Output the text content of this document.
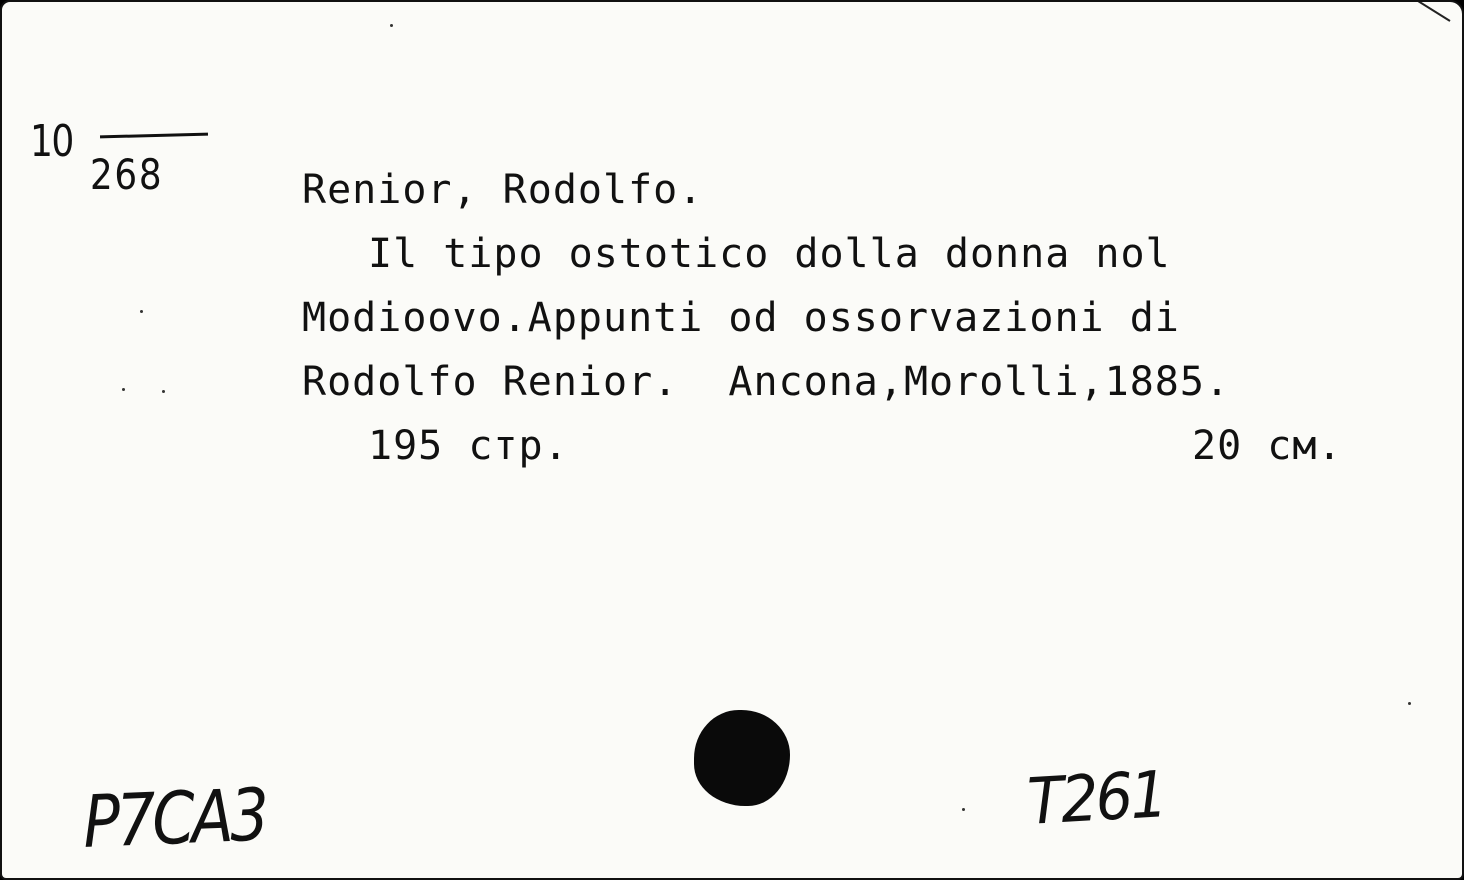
10
268	Renior, Rodolfo.
Il tipo ostotico dolla donna nol
Modioovo.Appunti od ossorvazioni di
Rodolfo Renior.  Ancona,Morolli,1885.
195 стр.	20 cм.
Р7СА3	Т261
